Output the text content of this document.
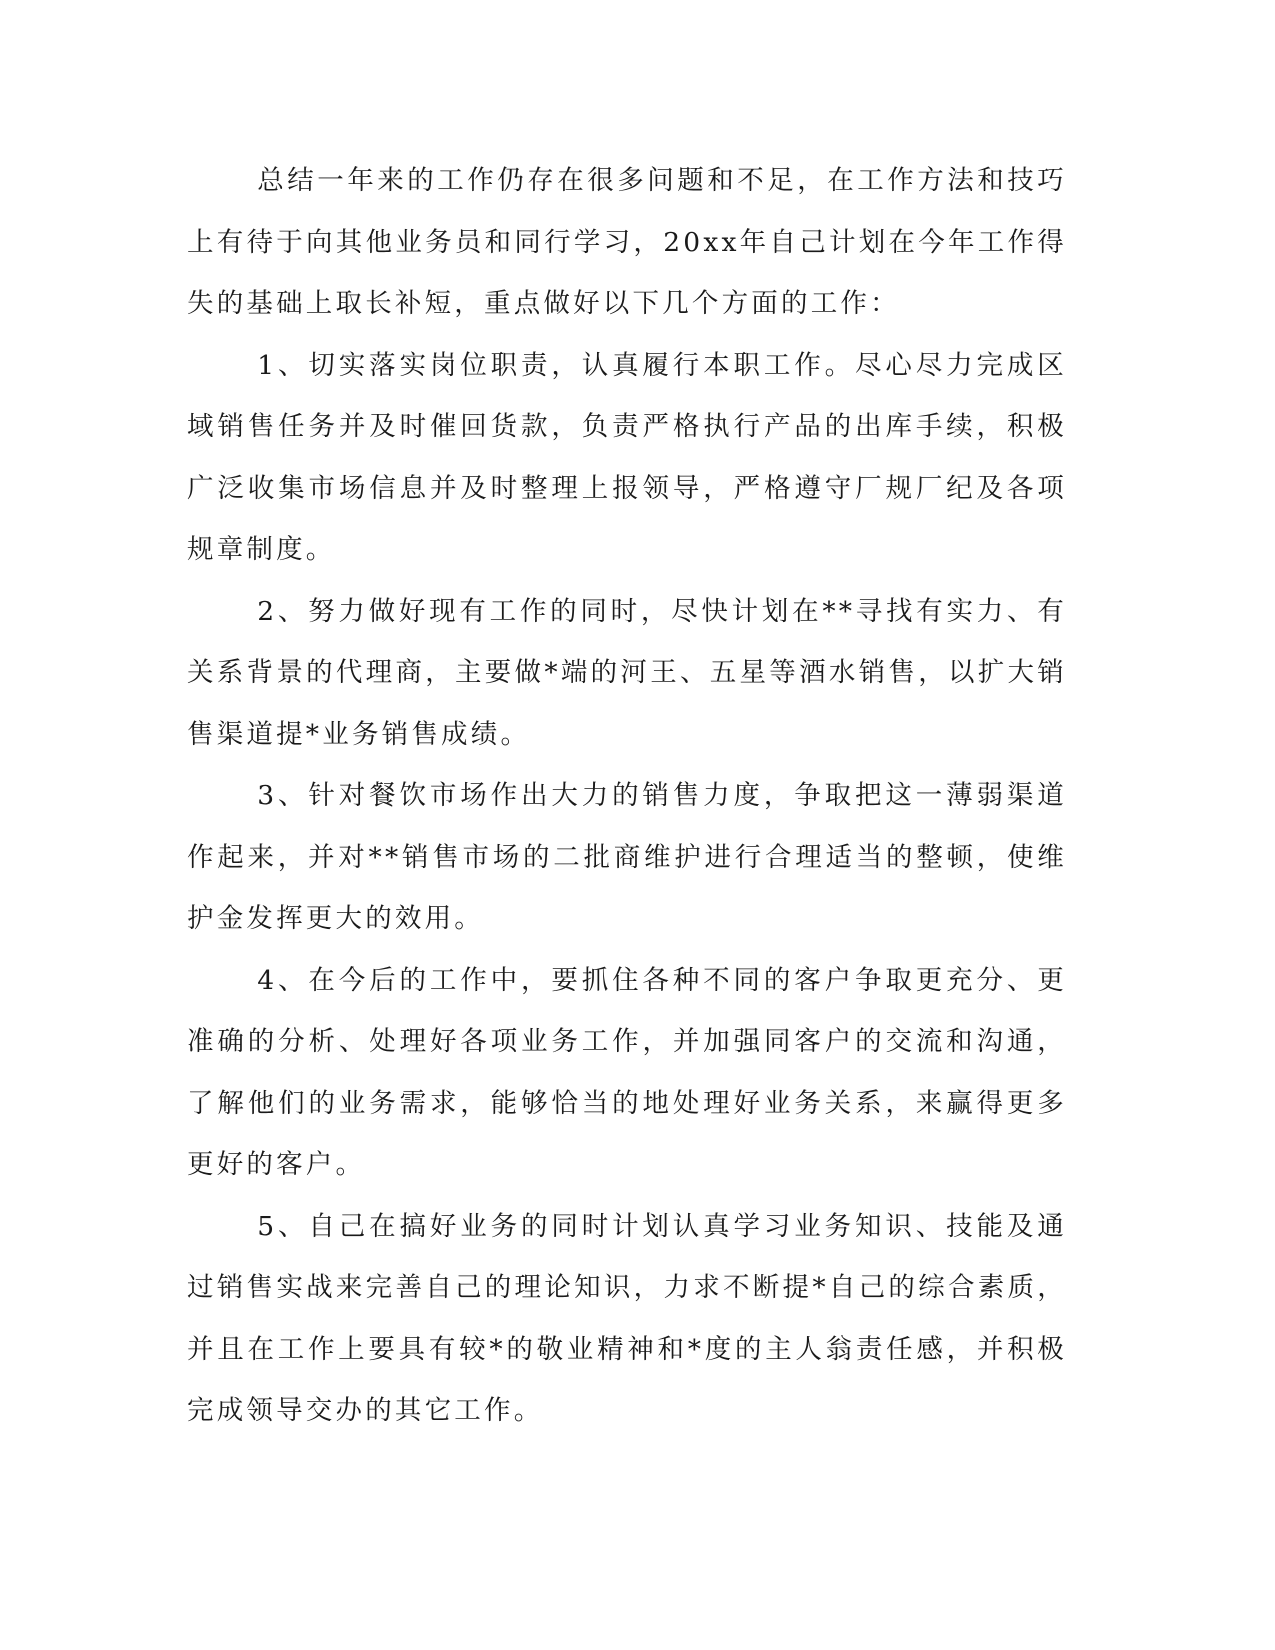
总结一年来的工作仍存在很多问题和不足，在工作方法和技巧上有待于向其他业务员和同行学习，20xx年自己计划在今年工作得失的基础上取长补短，重点做好以下几个方面的工作：

1、切实落实岗位职责，认真履行本职工作。尽心尽力完成区域销售任务并及时催回货款，负责严格执行产品的出库手续，积极广泛收集市场信息并及时整理上报领导，严格遵守厂规厂纪及各项规章制度。

2、努力做好现有工作的同时，尽快计划在**寻找有实力、有关系背景的代理商，主要做*端的河王、五星等酒水销售，以扩大销售渠道提*业务销售成绩。

3、针对餐饮市场作出大力的销售力度，争取把这一薄弱渠道作起来，并对**销售市场的二批商维护进行合理适当的整顿，使维护金发挥更大的效用。

4、在今后的工作中，要抓住各种不同的客户争取更充分、更准确的分析、处理好各项业务工作，并加强同客户的交流和沟通，了解他们的业务需求，能够恰当的地处理好业务关系，来赢得更多更好的客户。

5、自己在搞好业务的同时计划认真学习业务知识、技能及通过销售实战来完善自己的理论知识，力求不断提*自己的综合素质，并且在工作上要具有较*的敬业精神和*度的主人翁责任感，并积极完成领导交办的其它工作。
